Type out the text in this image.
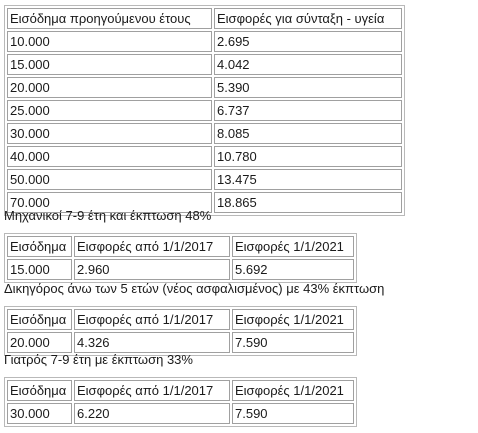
Εισόδημα προηγούμενου έτους	Εισφορές για σύνταξη - υγεία
10.000	2.695
15.000	4.042
20.000	5.390
25.000	6.737
30.000	8.085
40.000	10.780
50.000	13.475
70.000	18.865
Μηχανικοί 7-9 έτη και έκπτωση 48%
Εισόδημα	Εισφορές από 1/1/2017	Εισφορές 1/1/2021
15.000	2.960	5.692
Δικηγόρος άνω των 5 ετών (νέος ασφαλισμένος) με 43% έκπτωση
Εισόδημα	Εισφορές από 1/1/2017	Εισφορές 1/1/2021
20.000	4.326	7.590
Γιατρός 7-9 έτη με έκπτωση 33%
Εισόδημα	Εισφορές από 1/1/2017	Εισφορές 1/1/2021
30.000	6.220	7.590
